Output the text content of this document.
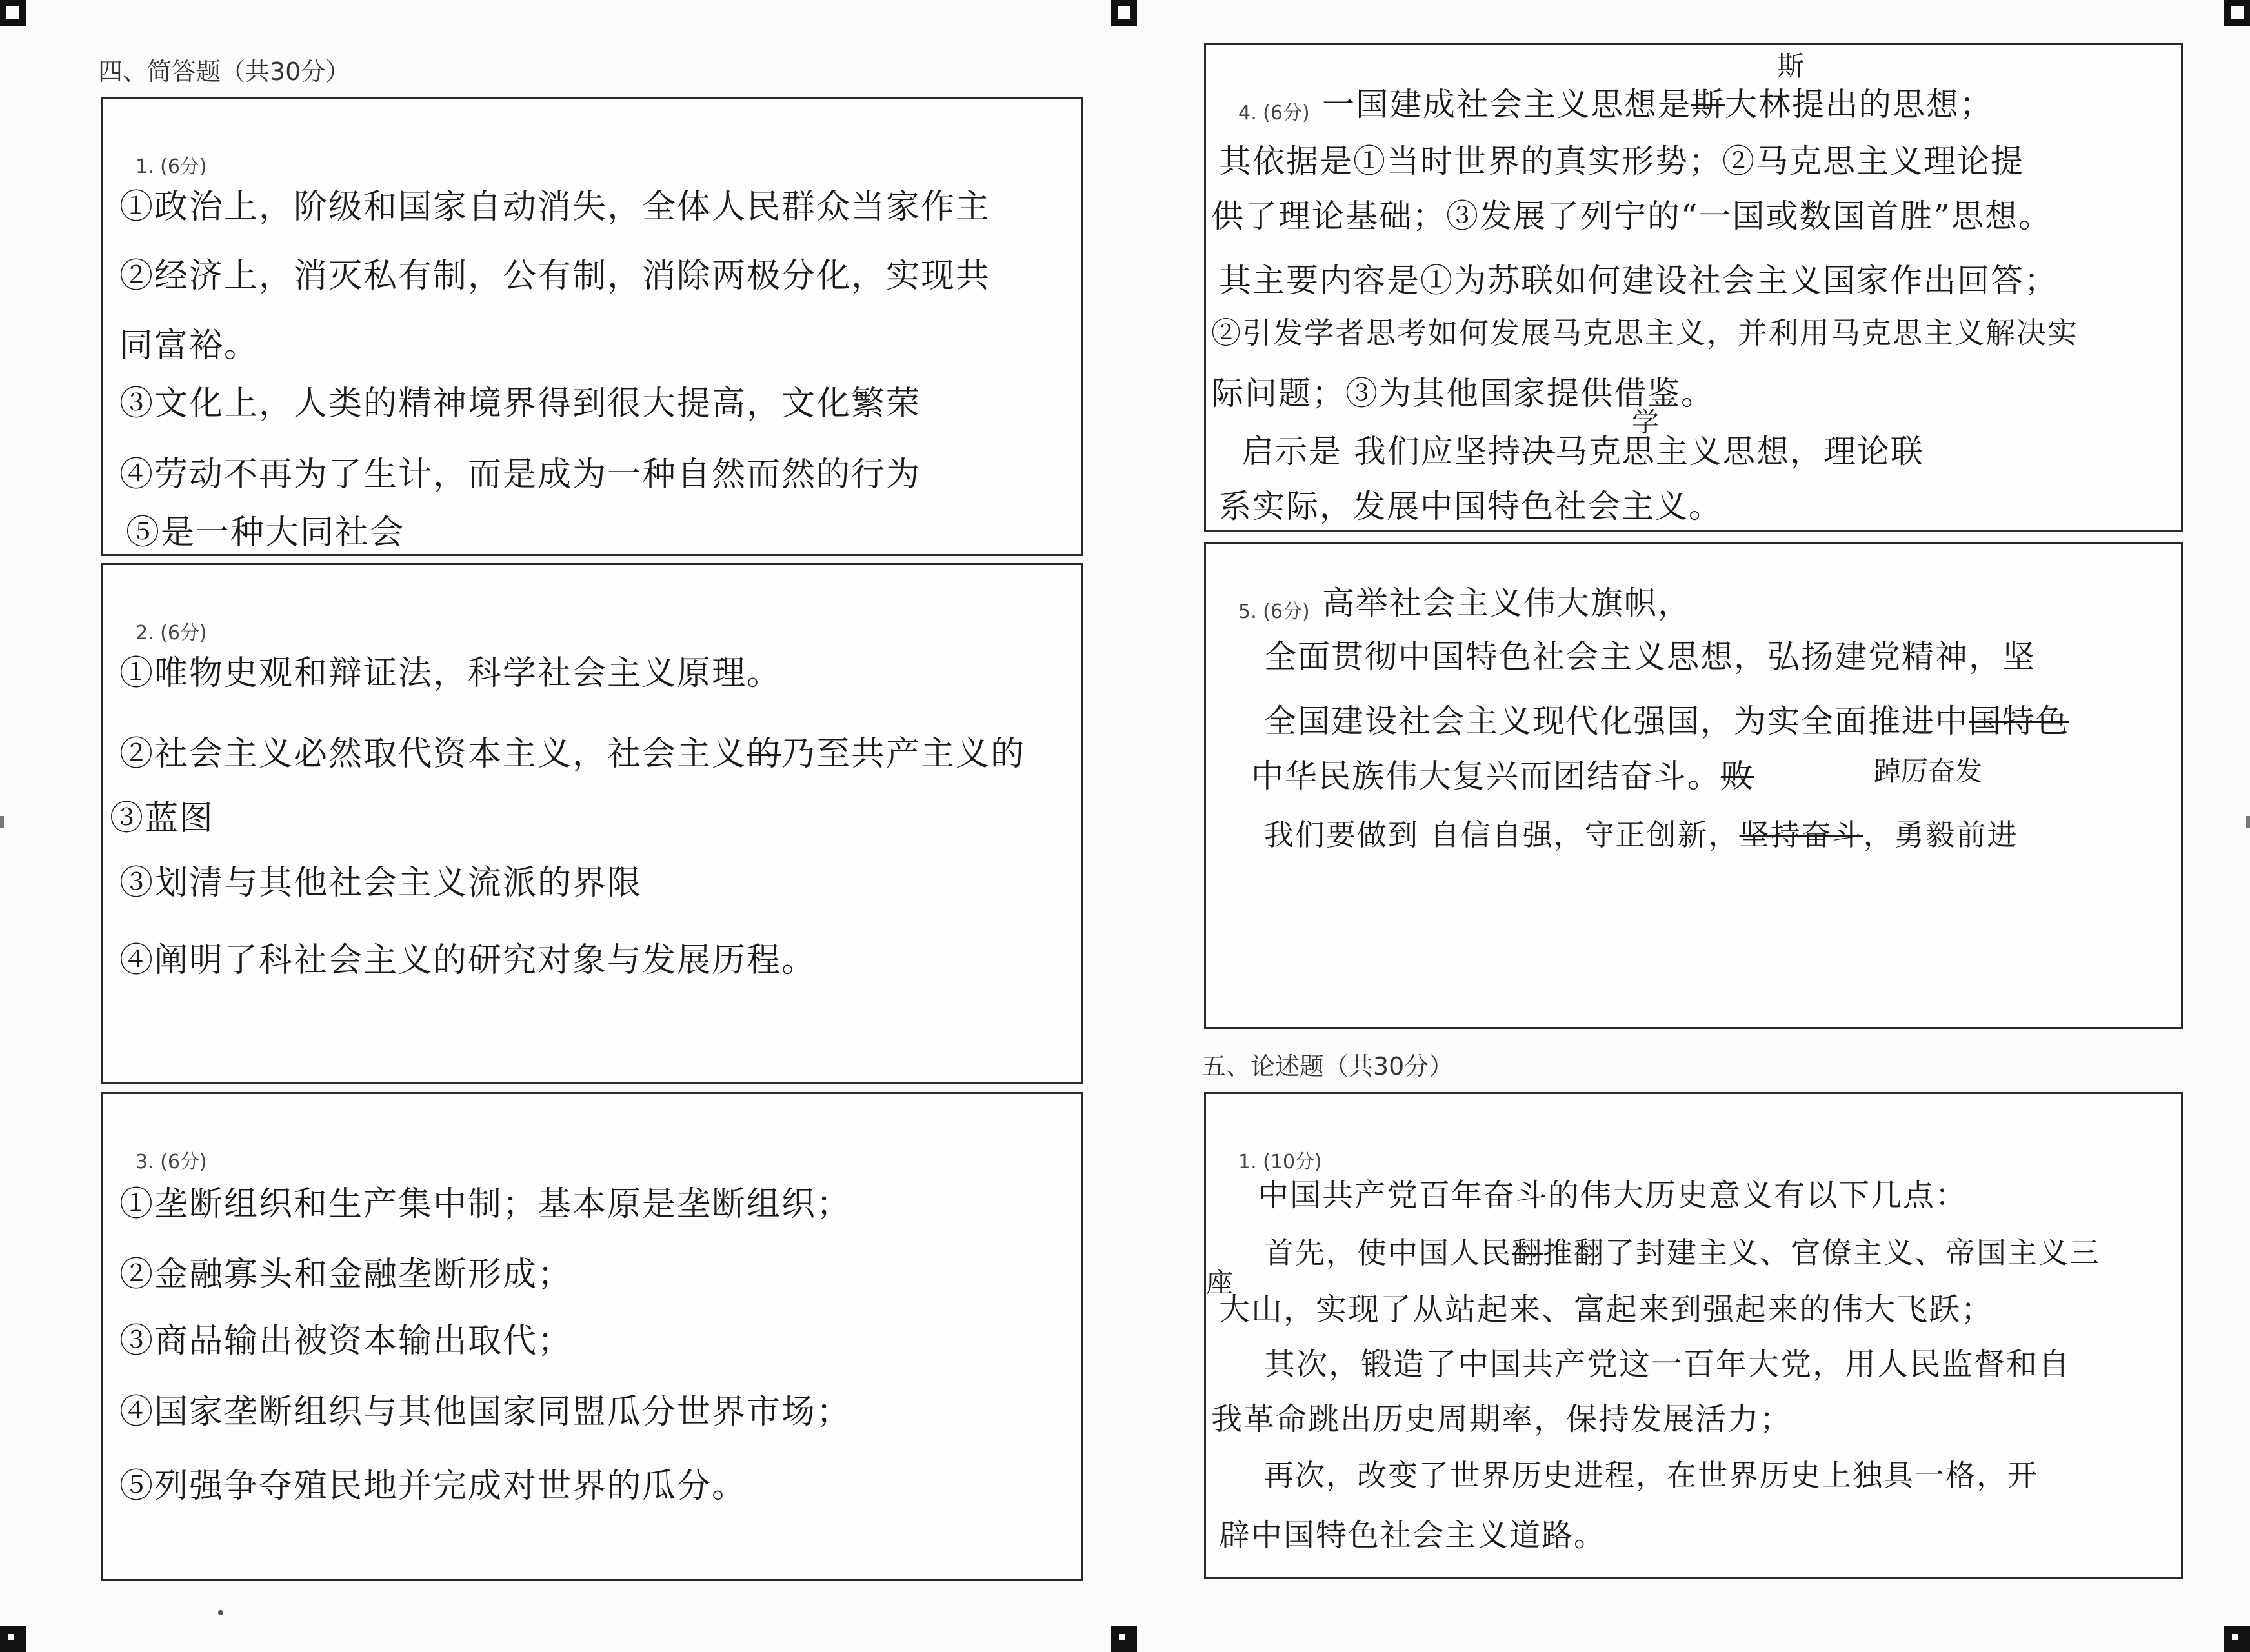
四、简答题（共30分）
1. (6分)
①政治上，阶级和国家自动消失，全体人民群众当家作主
②经济上，消灭私有制，公有制，消除两极分化，实现共
同富裕。
③文化上，人类的精神境界得到很大提高，文化繁荣
④劳动不再为了生计，而是成为一种自然而然的行为
⑤是一种大同社会
2. (6分)
①唯物史观和辩证法，科学社会主义原理。
②社会主义必然取代资本主义，社会主义的乃至共产主义的
③蓝图
③划清与其他社会主义流派的界限
④阐明了科社会主义的研究对象与发展历程。
3. (6分)
①垄断组织和生产集中制；基本原是垄断组织；
②金融寡头和金融垄断形成；
③商品输出被资本输出取代；
④国家垄断组织与其他国家同盟瓜分世界市场；
⑤列强争夺殖民地并完成对世界的瓜分。
4. (6分) 一国建成社会主义思想是斯大林提出的思想；
斯
其依据是①当时世界的真实形势；②马克思主义理论提
供了理论基础；③发展了列宁的“一国或数国首胜”思想。
其主要内容是①为苏联如何建设社会主义国家作出回答；
②引发学者思考如何发展马克思主义，并利用马克思主义解决实
际问题；③为其他国家提供借鉴。
启示是 我们应坚持决马克思主义思想，理论联
学
系实际，发展中国特色社会主义。
5. (6分) 高举社会主义伟大旗帜，
全面贯彻中国特色社会主义思想，弘扬建党精神，坚
全国建设社会主义现代化强国，为实全面推进中国特色
中华民族伟大复兴而团结奋斗。败	踔厉奋发
我们要做到 自信自强，守正创新，坚持奋斗，勇毅前进
五、论述题（共30分）
1. (10分)
中国共产党百年奋斗的伟大历史意义有以下几点：
座
首先，使中国人民翻推翻了封建主义、官僚主义、帝国主义三
大山，实现了从站起来、富起来到强起来的伟大飞跃；
其次，锻造了中国共产党这一百年大党，用人民监督和自
我革命跳出历史周期率，保持发展活力；
再次，改变了世界历史进程，在世界历史上独具一格，开
辟中国特色社会主义道路。
